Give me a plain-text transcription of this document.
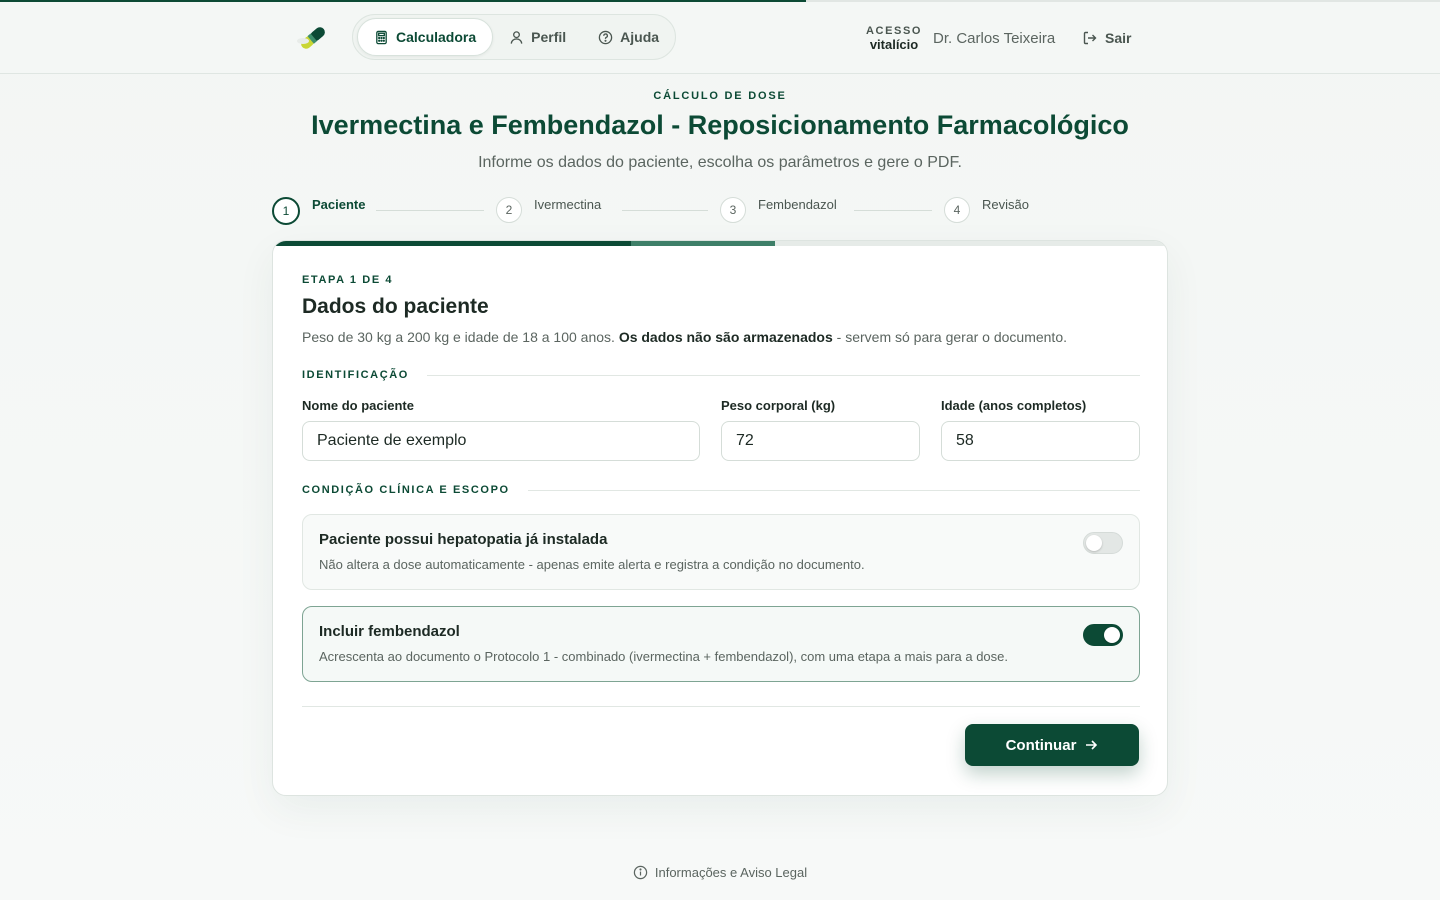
Calculadora	Perfil	Ajuda	ACESSO
vitalício Dr. Carlos Teixeira	Sair
CÁLCULO DE DOSE
Ivermectina e Fembendazol - Reposicionamento Farmacológico

Informe os dados do paciente, escolha os parâmetros e gere o PDF.

1	Paciente	2	Ivermectina	3	Fembendazol	4	Revisão
ETAPA 1 DE 4
Dados do paciente

Peso de 30 kg a 200 kg e idade de 18 a 100 anos. Os dados não são armazenados - servem só para gerar o documento.

IDENTIFICAÇÃO
Nome do paciente
Paciente de exemplo
Peso corporal (kg)
72
Idade (anos completos)
58
CONDIÇÃO CLÍNICA E ESCOPO
Paciente possui hepatopatia já instalada
Não altera a dose automaticamente - apenas emite alerta e registra a condição no documento.
Incluir fembendazol
Acrescenta ao documento o Protocolo 1 - combinado (ivermectina + fembendazol), com uma etapa a mais para a dose.
Continuar
Informações e Aviso Legal
